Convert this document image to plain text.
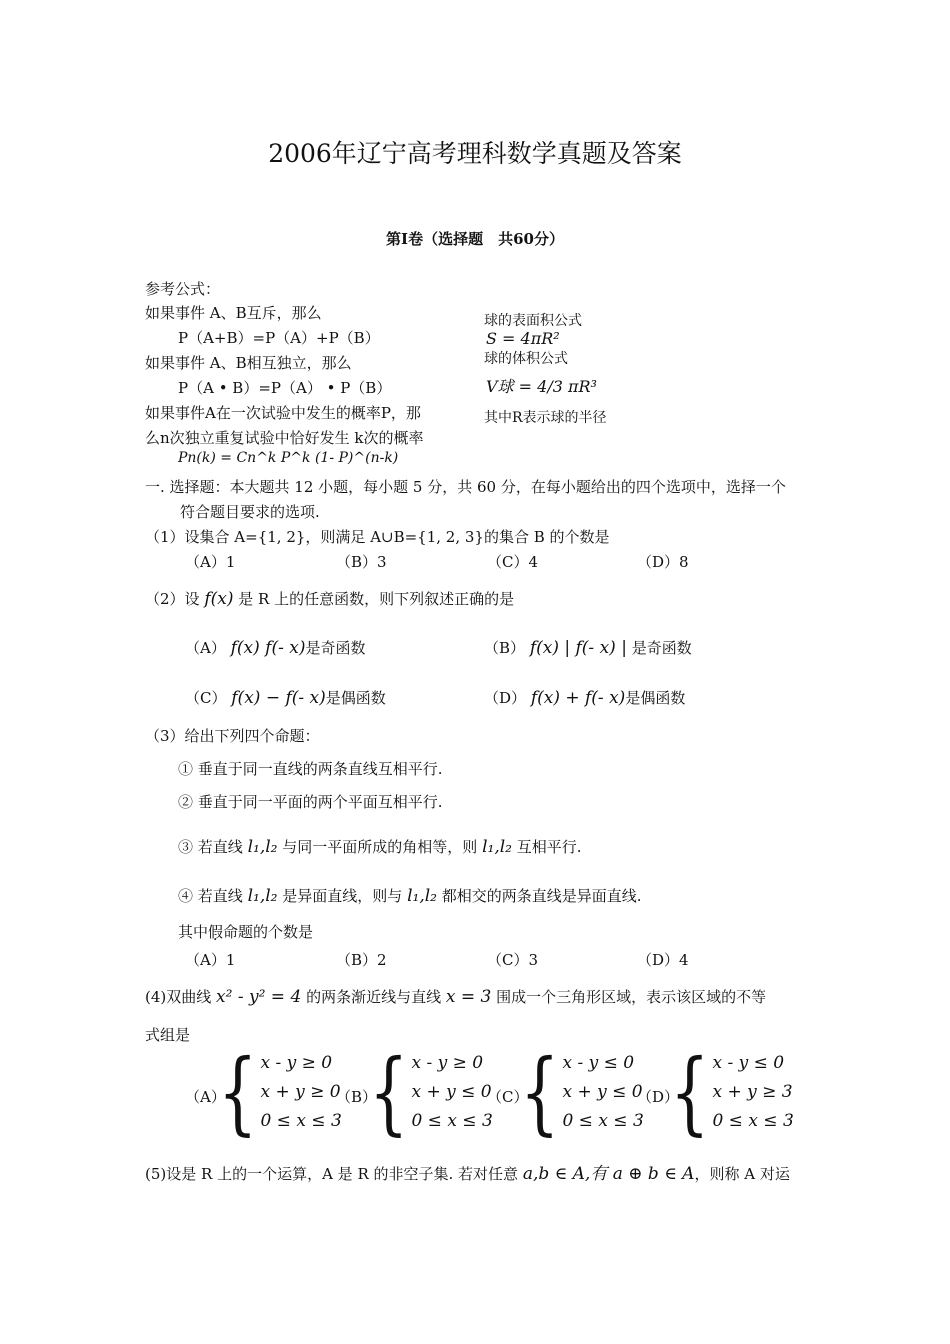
2006年辽宁高考理科数学真题及答案
第Ⅰ卷（选择题　共60分）
参考公式：
如果事件 A、B互斥，那么
P（A+B）=P（A）+P（B）
如果事件 A、B相互独立，那么
P（A • B）=P（A） • P（B）
如果事件A在一次试验中发生的概率P，那
么n次独立重复试验中恰好发生 k次的概率
Pn(k) = Cn^k P^k (1- P)^(n-k)
球的表面积公式
S = 4πR²
球的体积公式
V球 = 4/3 πR³
其中R表示球的半径
一. 选择题：本大题共 12 小题，每小题 5 分，共 60 分，在每小题给出的四个选项中，选择一个
符合题目要求的选项.
（1）设集合 A={1, 2}，则满足 A∪B={1, 2, 3}的集合 B 的个数是
（A）1	（B）3	（C）4	（D）8
（2）设 f(x) 是 R 上的任意函数，则下列叙述正确的是
（A） f(x) f(- x)是奇函数	（B） f(x) | f(- x) | 是奇函数
（C） f(x) − f(- x)是偶函数	（D） f(x) + f(- x)是偶函数
（3）给出下列四个命题：
① 垂直于同一直线的两条直线互相平行.
② 垂直于同一平面的两个平面互相平行.
③ 若直线 l₁,l₂ 与同一平面所成的角相等，则 l₁,l₂ 互相平行.
④ 若直线 l₁,l₂ 是异面直线，则与 l₁,l₂ 都相交的两条直线是异面直线.
其中假命题的个数是
（A）1	（B）2	（C）3	（D）4
(4)双曲线 x² - y² = 4 的两条渐近线与直线 x = 3 围成一个三角形区域，表示该区域的不等
式组是
（A）
{ x - y ≥ 0
x + y ≥ 0
0 ≤ x ≤ 3
（B）
{ x - y ≥ 0
x + y ≤ 0
0 ≤ x ≤ 3
（C）
{ x - y ≤ 0
x + y ≤ 0
0 ≤ x ≤ 3
（D）
{ x - y ≤ 0
x + y ≥ 3
0 ≤ x ≤ 3
(5)设是 R 上的一个运算，A 是 R 的非空子集. 若对任意 a,b ∈ A,有 a ⊕ b ∈ A，则称 A 对运
